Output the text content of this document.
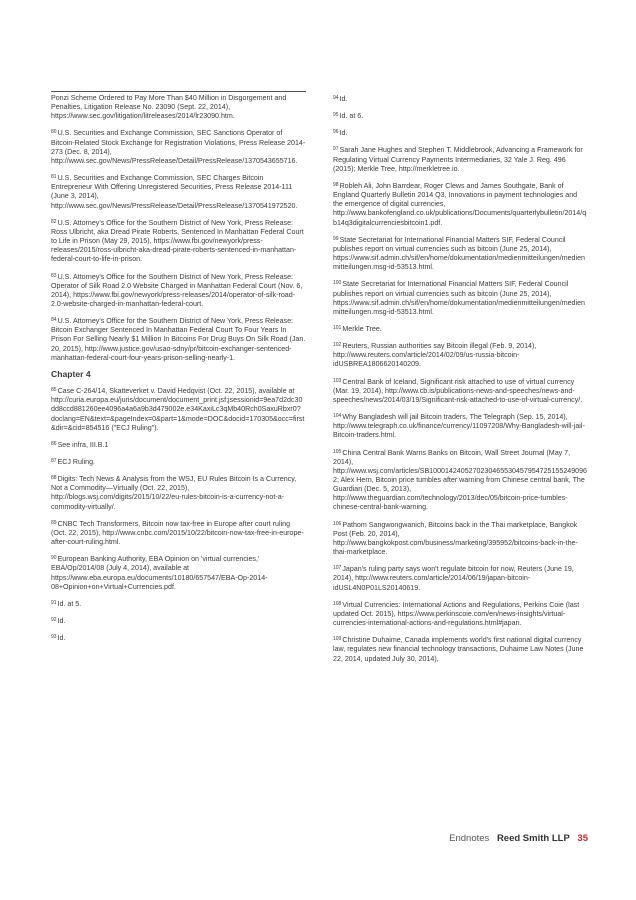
Ponzi Scheme Ordered to Pay More Than $40 Million in Disgorgement and Penalties, Litigation Release No. 23090 (Sept. 22, 2014), https://www.sec.gov/litigation/litreleases/2014/lr23090.htm.

$^{80}$U.S. Securities and Exchange Commission, SEC Sanctions Operator of Bitcoin-Related Stock Exchange for Registration Violations, Press Release 2014-273 (Dec. 8, 2014), http://www.sec.gov/News/PressRelease/Detail/PressRelease/1370543655716.

$^{81}$U.S. Securities and Exchange Commission, SEC Charges Bitcoin Entrepreneur With Offering Unregistered Securities, Press Release 2014-111 (June 3, 2014), http://www.sec.gov/News/PressRelease/Detail/PressRelease/1370541972520.

$^{82}$U.S. Attorney's Office for the Southern District of New York, Press Release: Ross Ulbricht, aka Dread Pirate Roberts, Sentenced In Manhattan Federal Court to Life in Prison (May 29, 2015), https://www.fbi.gov/newyork/press-releases/2015/ross-ulbricht-aka-dread-pirate-roberts-sentenced-in-manhattan-federal-court-to-life-in-prison.

$^{83}$U.S. Attorney's Office for the Southern District of New York, Press Release: Operator of Silk Road 2.0 Website Charged in Manhattan Federal Court (Nov. 6, 2014), https://www.fbi.gov/newyork/press-releases/2014/operator-of-silk-road-2.0-website-charged-in-manhattan-federal-court.

$^{84}$U.S. Attorney's Office for the Southern District of New York, Press Release: Bitcoin Exchanger Sentenced In Manhattan Federal Court To Four Years In Prison For Selling Nearly $1 Million In Bitcoins For Drug Buys On Silk Road (Jan. 20, 2015), http://www.justice.gov/usao-sdny/pr/bitcoin-exchanger-sentenced-manhattan-federal-court-four-years-prison-selling-nearly-1.

Chapter 4

$^{85}$Case C-264/14, Skatteverket v. David Hedqvist (Oct. 22, 2015), available at http://curia.europa.eu/juris/document/document_print.jsf;jsessionid=9ea7d2dc30dd8ccd881260ee4096a4a6a9b3d479002e.e34KaxiLc3qMb40Rch0SaxuRbxr0?doclang=EN&text=&pageIndex=0&part=1&mode=DOC&docid=170305&occ=first&dir=&cid=854516 ("ECJ Ruling").

$^{86}$See infra, III.B.1

$^{87}$ECJ Ruling.

$^{88}$Digits: Tech News & Analysis from the WSJ, EU Rules Bitcoin Is a Currency, Not a Commodity—Virtually (Oct. 22, 2015), http://blogs.wsj.com/digits/2015/10/22/eu-rules-bitcoin-is-a-currency-not-a-commodity-virtually/.

$^{89}$CNBC Tech Transformers, Bitcoin now tax-free in Europe after court ruling (Oct. 22, 2015), http://www.cnbc.com/2015/10/22/bitcoin-now-tax-free-in-europe-after-court-ruling.html.

$^{90}$European Banking Authority, EBA Opinion on 'virtual currencies,' EBA/Op/2014/08 (July 4, 2014), available at https://www.eba.europa.eu/documents/10180/657547/EBA-Op-2014-08+Opinion+on+Virtual+Currencies.pdf.

$^{91}$Id. at 5.

$^{92}$Id.

$^{93}$Id.

$^{94}$Id.

$^{95}$Id. at 6.

$^{96}$Id.

$^{97}$Sarah Jane Hughes and Stephen T. Middlebrook, Advancing a Framework for Regulating Virtual Currency Payments Intermediaries, 32 Yale J. Reg. 496 (2015); Merkle Tree, http://merkletree.io.

$^{98}$Robleh Ali, John Barrdear, Roger Clews and James Southgate, Bank of England Quarterly Bulletin 2014 Q3, Innovations in payment technologies and the emergence of digital currencies, http://www.bankofengland.co.uk/publications/Documents/quarterlybulletin/2014/qb14q3digitalcurrenciesbitcoin1.pdf.

$^{99}$State Secretariat for International Financial Matters SIF, Federal Council publishes report on virtual currencies such as bitcoin (June 25, 2014), https://www.sif.admin.ch/sif/en/home/dokumentation/medienmitteilungen/medienmitteilungen.msg-id-53513.html.

$^{100}$State Secretariat for International Financial Matters SIF, Federal Council publishes report on virtual currencies such as bitcoin (June 25, 2014), https://www.sif.admin.ch/sif/en/home/dokumentation/medienmitteilungen/medienmitteilungen.msg-id-53513.html.

$^{101}$Merkle Tree.

$^{102}$Reuters, Russian authorities say Bitcoin illegal (Feb. 9, 2014), http://www.reuters.com/article/2014/02/09/us-russia-bitcoin-idUSBREA1806620140209.

$^{103}$Central Bank of Iceland, Significant risk attached to use of virtual currency (Mar. 19, 2014), http://www.cb.is/publications-news-and-speeches/news-and-speeches/news/2014/03/19/Significant-risk-attached-to-use-of-virtual-currency/.

$^{104}$Why Bangladesh will jail Bitcoin traders, The Telegraph (Sep. 15, 2014), http://www.telegraph.co.uk/finance/currency/11097208/Why-Bangladesh-will-jail-Bitcoin-traders.html.

$^{105}$China Central Bank Warns Banks on Bitcoin, Wall Street Journal (May 7, 2014), http://www.wsj.com/articles/SB10001424052702304655304579547251552490962; Alex Hern, Bitcoin price tumbles after warning from Chinese central bank, The Guardian (Dec. 5, 2013), http://www.theguardian.com/technology/2013/dec/05/bitcoin-price-tumbles-chinese-central-bank-warning.

$^{106}$Pathom Sangwongwanich, Bitcoins back in the Thai marketplace, Bangkok Post (Feb. 20, 2014), http://www.bangkokpost.com/business/marketing/395952/bitcoins-back-in-the-thai-marketplace.

$^{107}$Japan's ruling party says won't regulate bitcoin for now, Reuters (June 19, 2014), http://www.reuters.com/article/2014/06/19/japan-bitcoin-idUSL4N0P01LS20140619.

$^{108}$Virtual Currencies: International Actions and Regulations, Perkins Coie (last updated Oct. 2015), https://www.perkinscoie.com/en/news-insights/virtual-currencies-international-actions-and-regulations.html#japan.

$^{109}$Christine Duhaime, Canada implements world's first national digital currency law, regulates new financial technology transactions, Duhaime Law Notes (June 22, 2014, updated July 30, 2014),

Endnotes Reed Smith LLP 35
